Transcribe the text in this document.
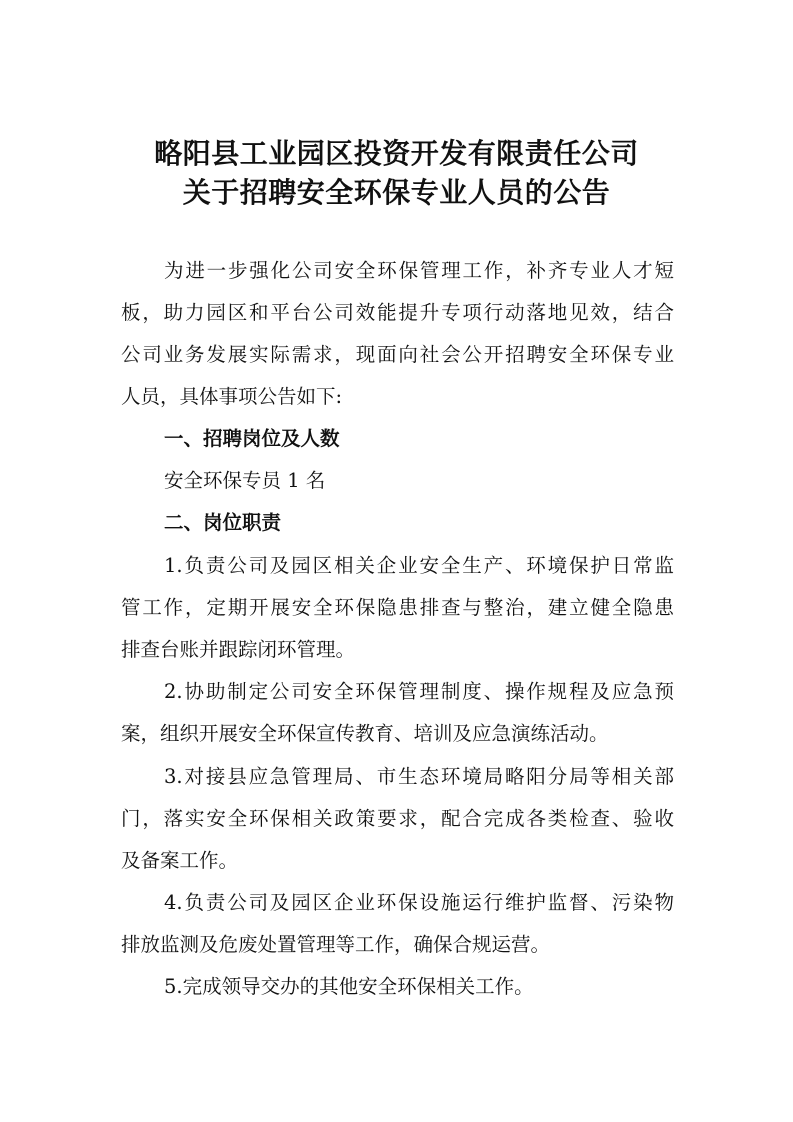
略阳县工业园区投资开发有限责任公司
关于招聘安全环保专业人员的公告
为进一步强化公司安全环保管理工作，补齐专业人才短
板，助力园区和平台公司效能提升专项行动落地见效，结合
公司业务发展实际需求，现面向社会公开招聘安全环保专业
人员，具体事项公告如下:
一、招聘岗位及人数
安全环保专员 1 名
二、岗位职责
1.负责公司及园区相关企业安全生产、环境保护日常监
管工作，定期开展安全环保隐患排查与整治，建立健全隐患
排查台账并跟踪闭环管理。
2.协助制定公司安全环保管理制度、操作规程及应急预
案，组织开展安全环保宣传教育、培训及应急演练活动。
3.对接县应急管理局、市生态环境局略阳分局等相关部
门，落实安全环保相关政策要求，配合完成各类检查、验收
及备案工作。
4.负责公司及园区企业环保设施运行维护监督、污染物
排放监测及危废处置管理等工作，确保合规运营。
5.完成领导交办的其他安全环保相关工作。
